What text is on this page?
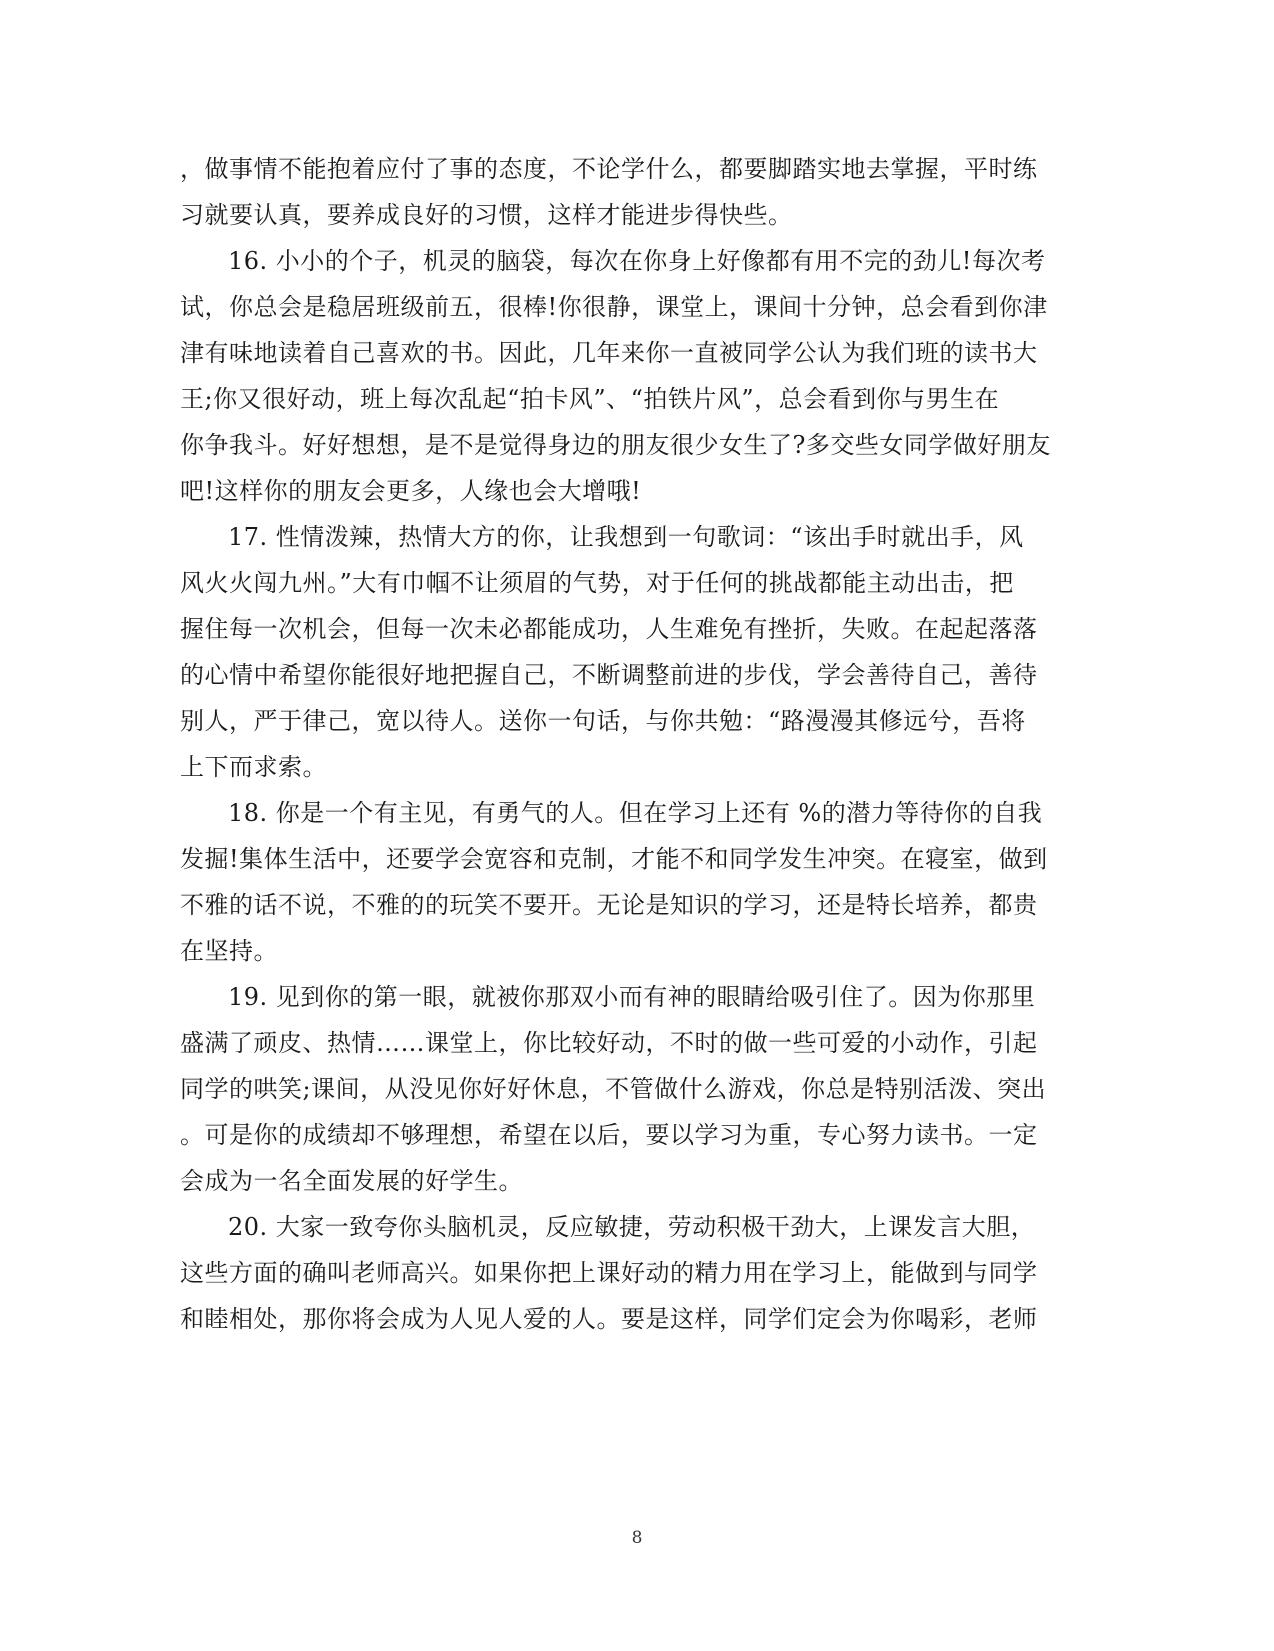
，做事情不能抱着应付了事的态度，不论学什么，都要脚踏实地去掌握，平时练
习就要认真，要养成良好的习惯，这样才能进步得快些。
16. 小小的个子，机灵的脑袋，每次在你身上好像都有用不完的劲儿!每次考
试，你总会是稳居班级前五，很棒!你很静，课堂上，课间十分钟，总会看到你津
津有味地读着自己喜欢的书。因此，几年来你一直被同学公认为我们班的读书大
王;你又很好动，班上每次乱起“拍卡风”、“拍铁片风”，总会看到你与男生在
你争我斗。好好想想，是不是觉得身边的朋友很少女生了?多交些女同学做好朋友
吧!这样你的朋友会更多，人缘也会大增哦!
17. 性情泼辣，热情大方的你，让我想到一句歌词：“该出手时就出手，风
风火火闯九州。”大有巾帼不让须眉的气势，对于任何的挑战都能主动出击，把
握住每一次机会，但每一次未必都能成功，人生难免有挫折，失败。在起起落落
的心情中希望你能很好地把握自己，不断调整前进的步伐，学会善待自己，善待
别人，严于律己，宽以待人。送你一句话，与你共勉：“路漫漫其修远兮，吾将
上下而求索。
18. 你是一个有主见，有勇气的人。但在学习上还有 %的潜力等待你的自我
发掘!集体生活中，还要学会宽容和克制，才能不和同学发生冲突。在寝室，做到
不雅的话不说，不雅的的玩笑不要开。无论是知识的学习，还是特长培养，都贵
在坚持。
19. 见到你的第一眼，就被你那双小而有神的眼睛给吸引住了。因为你那里
盛满了顽皮、热情……课堂上，你比较好动，不时的做一些可爱的小动作，引起
同学的哄笑;课间，从没见你好好休息，不管做什么游戏，你总是特别活泼、突出
。可是你的成绩却不够理想，希望在以后，要以学习为重，专心努力读书。一定
会成为一名全面发展的好学生。
20. 大家一致夸你头脑机灵，反应敏捷，劳动积极干劲大，上课发言大胆，
这些方面的确叫老师高兴。如果你把上课好动的精力用在学习上，能做到与同学
和睦相处，那你将会成为人见人爱的人。要是这样，同学们定会为你喝彩，老师
8
